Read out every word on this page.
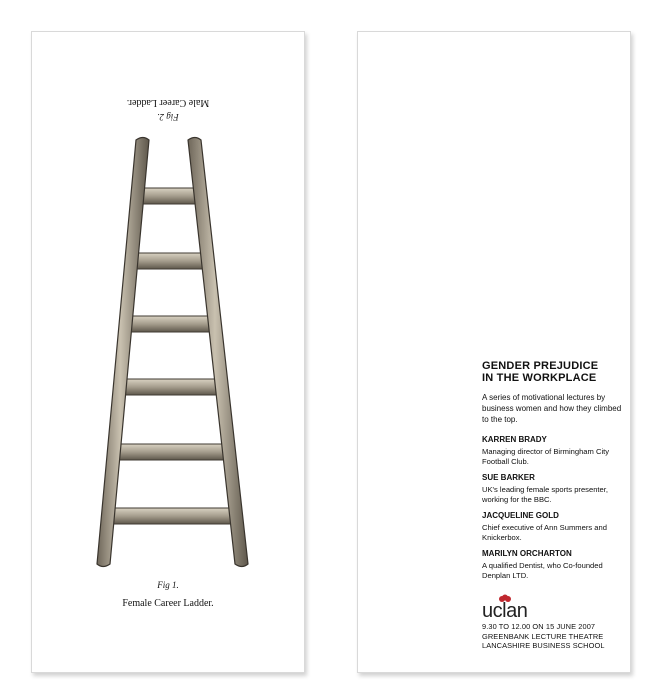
Male Career Ladder.
Fig 2.
Fig 1.
Female Career Ladder.
GENDER PREJUDICE
IN THE WORKPLACE

A series of motivational lectures by business women and how they climbed to the top.

KARREN BRADY

Managing director of Birmingham City Football Club.

SUE BARKER

UK's leading female sports presenter, working for the BBC.

JACQUELINE GOLD

Chief executive of Ann Summers and Knickerbox.

MARILYN ORCHARTON

A qualified Dentist, who Co-founded Denplan LTD.

uclan
9.30 TO 12.00 ON 15 JUNE 2007
GREENBANK LECTURE THEATRE
LANCASHIRE BUSINESS SCHOOL
